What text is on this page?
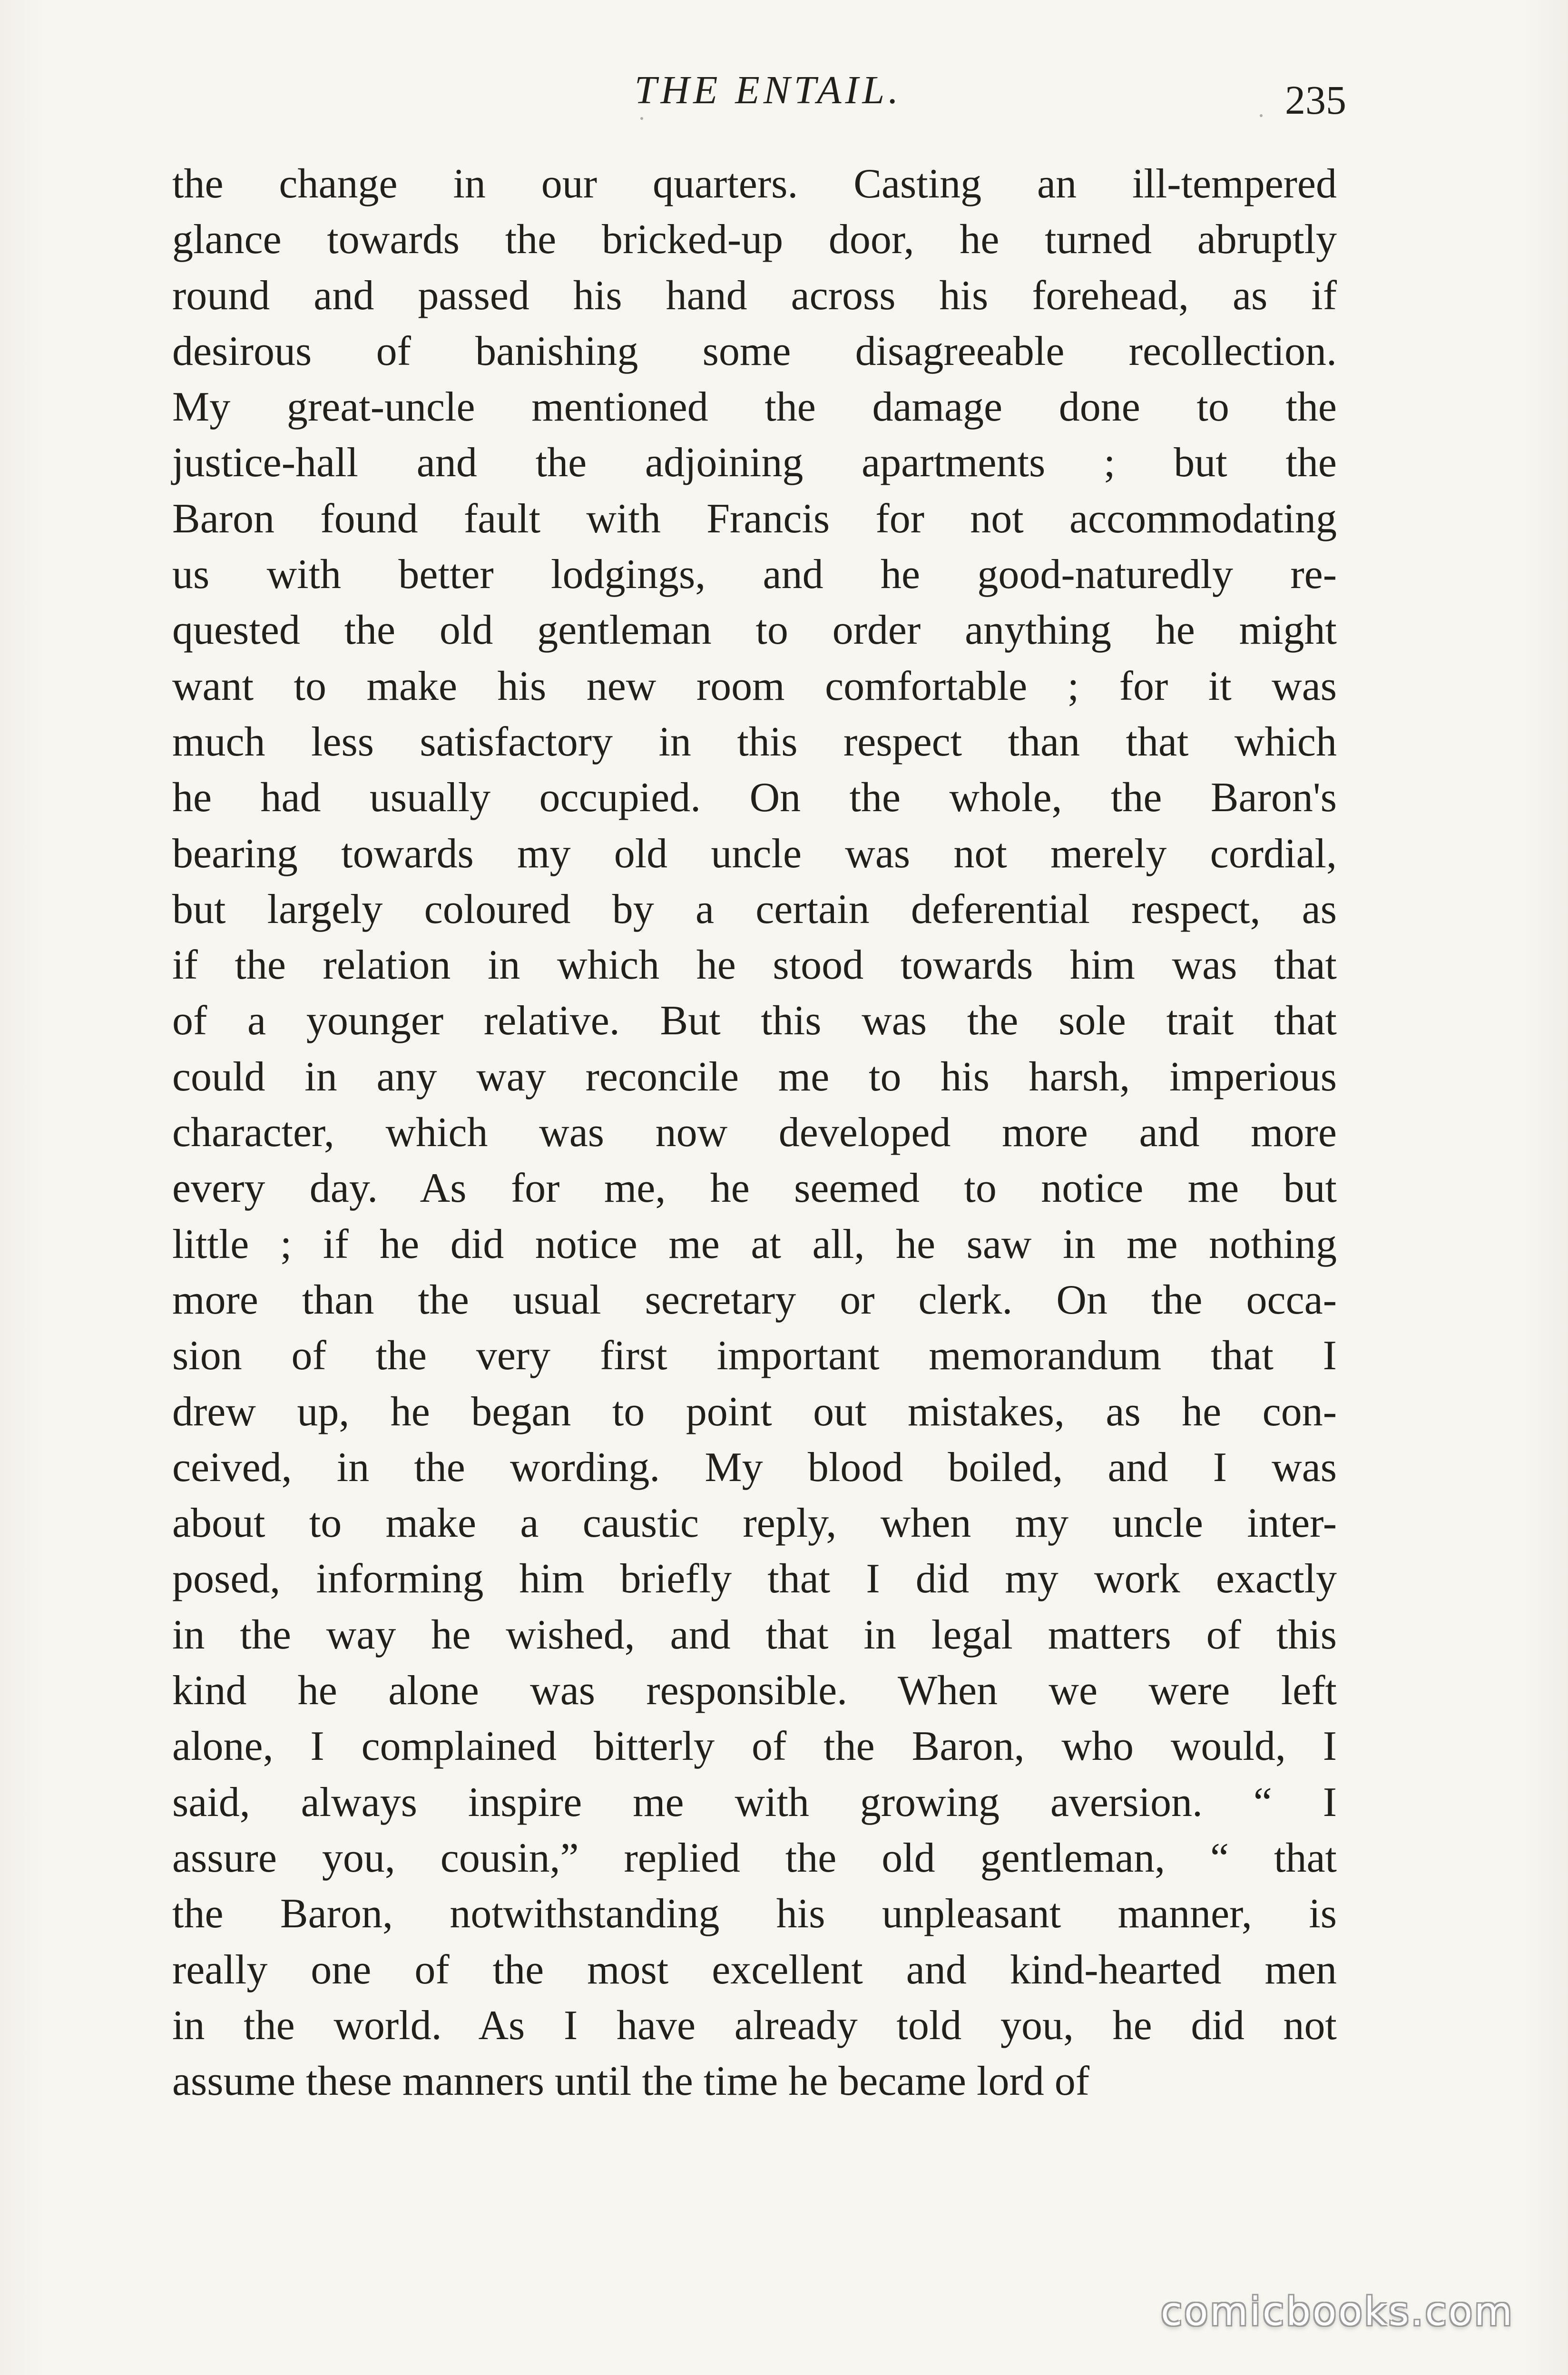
THE ENTAIL.	235
the change in our quarters. Casting an ill-tempered
glance towards the bricked-up door, he turned abruptly
round and passed his hand across his forehead, as if
desirous of banishing some disagreeable recollection.
My great-uncle mentioned the damage done to the
justice-hall and the adjoining apartments ; but the
Baron found fault with Francis for not accommodating
us with better lodgings, and he good-naturedly re-
quested the old gentleman to order anything he might
want to make his new room comfortable ; for it was
much less satisfactory in this respect than that which
he had usually occupied. On the whole, the Baron's
bearing towards my old uncle was not merely cordial,
but largely coloured by a certain deferential respect, as
if the relation in which he stood towards him was that
of a younger relative. But this was the sole trait that
could in any way reconcile me to his harsh, imperious
character, which was now developed more and more
every day. As for me, he seemed to notice me but
little ; if he did notice me at all, he saw in me nothing
more than the usual secretary or clerk. On the occa-
sion of the very first important memorandum that I
drew up, he began to point out mistakes, as he con-
ceived, in the wording. My blood boiled, and I was
about to make a caustic reply, when my uncle inter-
posed, informing him briefly that I did my work exactly
in the way he wished, and that in legal matters of this
kind he alone was responsible. When we were left
alone, I complained bitterly of the Baron, who would, I
said, always inspire me with growing aversion. “ I
assure you, cousin,” replied the old gentleman, “ that
the Baron, notwithstanding his unpleasant manner, is
really one of the most excellent and kind-hearted men
in the world. As I have already told you, he did not
assume these manners until the time he became lord of
comicbooks.com
